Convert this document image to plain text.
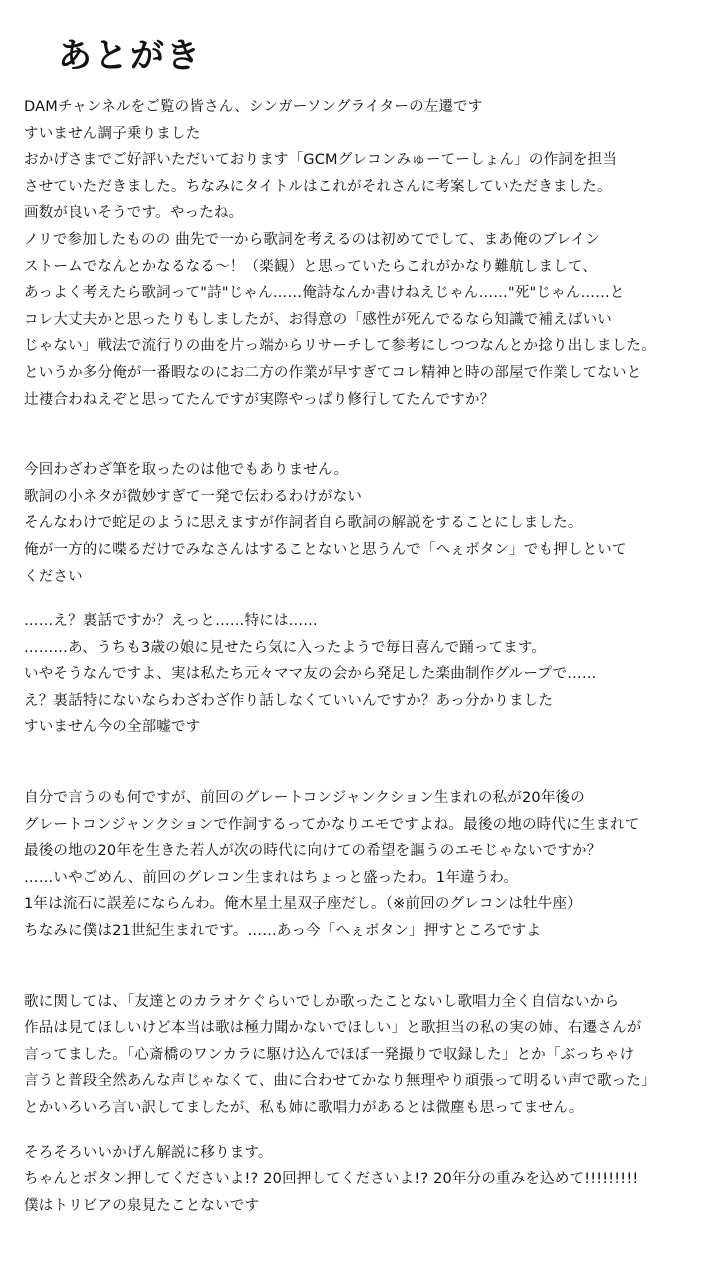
あとがき
DAMチャンネルをご覧の皆さん、シンガーソングライターの左遷です
すいません調子乗りました
おかげさまでご好評いただいております「GCMグレコンみゅーてーしょん」の作詞を担当
させていただきました。ちなみにタイトルはこれがそれさんに考案していただきました。
画数が良いそうです。やったね。
ノリで参加したものの 曲先で一から歌詞を考えるのは初めてでして、まあ俺のブレイン
ストームでなんとかなるなる〜！（楽観）と思っていたらこれがかなり難航しまして、
あっよく考えたら歌詞って"詩"じゃん……俺詩なんか書けねえじゃん……"死"じゃん……と
コレ大丈夫かと思ったりもしましたが、お得意の「感性が死んでるなら知識で補えばいい
じゃない」戦法で流行りの曲を片っ端からリサーチして参考にしつつなんとか捻り出しました。
というか多分俺が一番暇なのにお二方の作業が早すぎてコレ精神と時の部屋で作業してないと
辻褄合わねえぞと思ってたんですが実際やっぱり修行してたんですか？
今回わざわざ筆を取ったのは他でもありません。
歌詞の小ネタが微妙すぎて一発で伝わるわけがない
そんなわけで蛇足のように思えますが作詞者自ら歌詞の解説をすることにしました。
俺が一方的に喋るだけでみなさんはすることないと思うんで「へぇボタン」でも押しといて
ください
……え？裏話ですか？えっと……特には……
………あ、うちも3歳の娘に見せたら気に入ったようで毎日喜んで踊ってます。
いやそうなんですよ、実は私たち元々ママ友の会から発足した楽曲制作グループで……
え？裏話特にないならわざわざ作り話しなくていいんですか？あっ分かりました
すいません今の全部嘘です
自分で言うのも何ですが、前回のグレートコンジャンクション生まれの私が20年後の
グレートコンジャンクションで作詞するってかなりエモですよね。最後の地の時代に生まれて
最後の地の20年を生きた若人が次の時代に向けての希望を謳うのエモじゃないですか？
……いやごめん、前回のグレコン生まれはちょっと盛ったわ。1年違うわ。
1年は流石に誤差にならんわ。俺木星土星双子座だし。（※前回のグレコンは牡牛座）
ちなみに僕は21世紀生まれです。……あっ今「へぇボタン」押すところですよ
歌に関しては、「友達とのカラオケぐらいでしか歌ったことないし歌唱力全く自信ないから
作品は見てほしいけど本当は歌は極力聞かないでほしい」と歌担当の私の実の姉、右遷さんが
言ってました。「心斎橋のワンカラに駆け込んでほぼ一発撮りで収録した」とか「ぶっちゃけ
言うと普段全然あんな声じゃなくて、曲に合わせてかなり無理やり頑張って明るい声で歌った」
とかいろいろ言い訳してましたが、私も姉に歌唱力があるとは微塵も思ってません。
そろそろいいかげん解説に移ります。
ちゃんとボタン押してくださいよ!? 20回押してくださいよ!? 20年分の重みを込めて!!!!!!!!!
僕はトリビアの泉見たことないです
